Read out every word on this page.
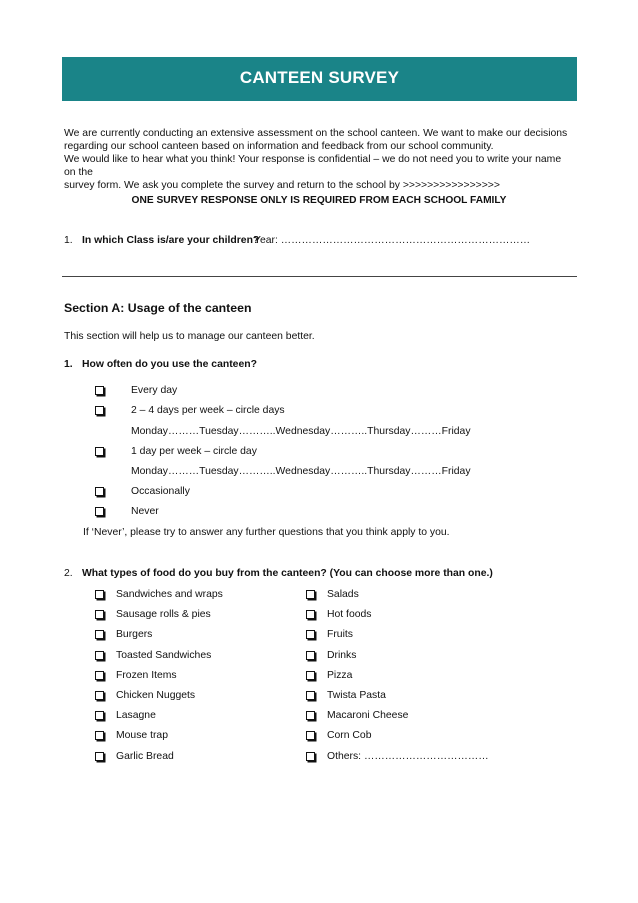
CANTEEN SURVEY
We are currently conducting an extensive assessment on the school canteen. We want to make our decisions
regarding our school canteen based on information and feedback from our school community.
We would like to hear what you think! Your response is confidential – we do not need you to write your name on the
survey form. We ask you complete the survey and return to the school by >>>>>>>>>>>>>>>>
ONE SURVEY RESPONSE ONLY IS REQUIRED FROM EACH SCHOOL FAMILY
1. In which Class is/are your children?
Year: ………………………………………………………………
Section A: Usage of the canteen
This section will help us to manage our canteen better.
1. How often do you use the canteen?
Every day
2 – 4 days per week – circle days
Monday………Tuesday………..Wednesday………..Thursday………Friday
1 day per week – circle day
Monday………Tuesday………..Wednesday………..Thursday………Friday
Occasionally
Never
If ‘Never’, please try to answer any further questions that you think apply to you.
2. What types of food do you buy from the canteen? (You can choose more than one.)
Sandwiches and wraps
Sausage rolls & pies
Burgers
Toasted Sandwiches
Frozen Items
Chicken Nuggets
Lasagne
Mouse trap
Garlic Bread
Salads
Hot foods
Fruits
Drinks
Pizza
Twista Pasta
Macaroni Cheese
Corn Cob
Others: ………………………………
